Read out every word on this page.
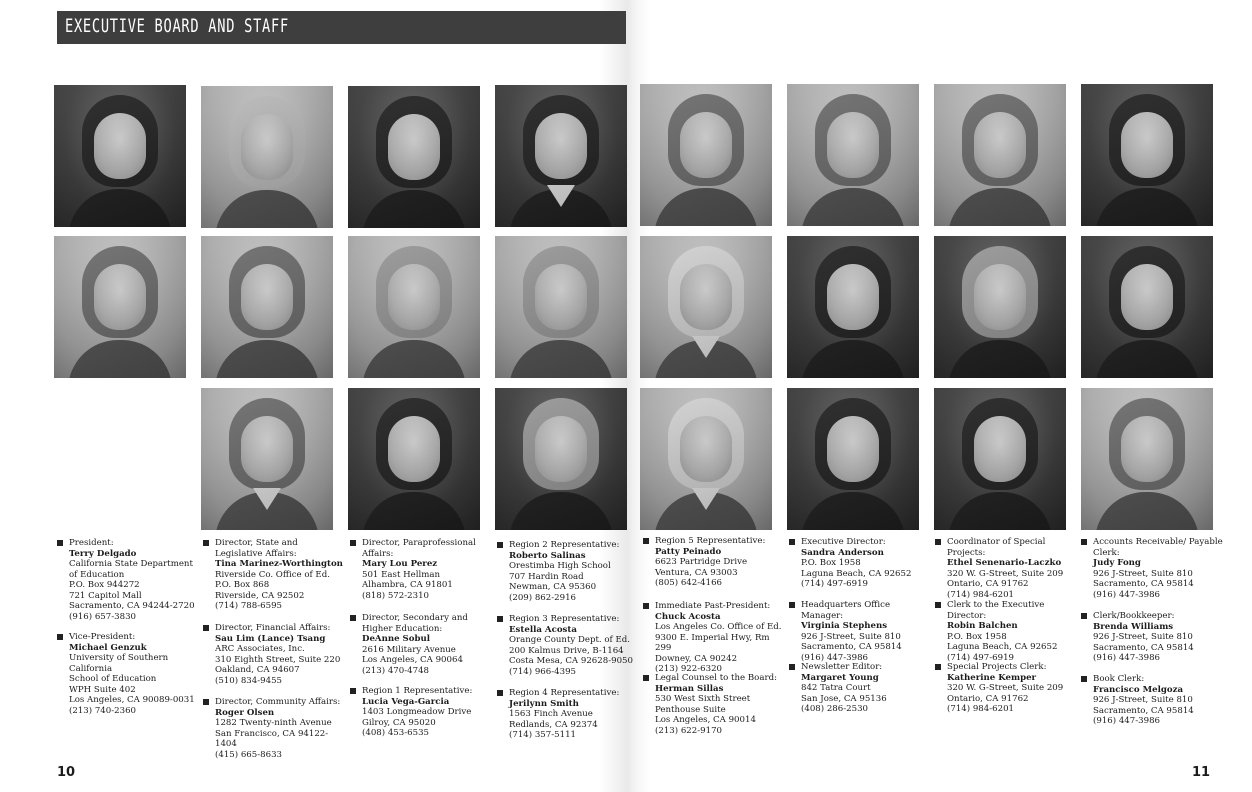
EXECUTIVE BOARD AND STAFF
President:
Terry Delgado
California State Department
of Education
P.O. Box 944272
721 Capitol Mall
Sacramento, CA 94244-2720
(916) 657-3830
Vice-President:
Michael Genzuk
University of Southern
California
School of Education
WPH Suite 402
Los Angeles, CA 90089-0031
(213) 740-2360
Director, State and Legislative Affairs:
Tina Marinez-Worthington
Riverside Co. Office of Ed.
P.O. Box 868
Riverside, CA 92502
(714) 788-6595
Director, Financial Affairs:
Sau Lim (Lance) Tsang
ARC Associates, Inc.
310 Eighth Street, Suite 220
Oakland, CA 94607
(510) 834-9455
Director, Community Affairs:
Roger Olsen
1282 Twenty-ninth Avenue
San Francisco, CA 94122-1404
(415) 665-8633
Director, Paraprofessional Affairs:
Mary Lou Perez
501 East Hellman
Alhambra, CA 91801
(818) 572-2310
Director, Secondary and Higher Education:
DeAnne Sobul
2616 Military Avenue
Los Angeles, CA 90064
(213) 470-4748
Region 1 Representative:
Lucia Vega-Garcia
1403 Longmeadow Drive
Gilroy, CA 95020
(408) 453-6535
Region 2 Representative:
Roberto Salinas
Orestimba High School
707 Hardin Road
Newman, CA 95360
(209) 862-2916
Region 3 Representative:
Estella Acosta
Orange County Dept. of Ed.
200 Kalmus Drive, B-1164
Costa Mesa, CA 92628-9050
(714) 966-4395
Region 4 Representative:
Jerilynn Smith
1563 Finch Avenue
Redlands, CA 92374
(714) 357-5111
Region 5 Representative:
Patty Peinado
6623 Partridge Drive
Ventura, CA 93003
(805) 642-4166
Immediate Past-President:
Chuck Acosta
Los Angeles Co. Office of Ed.
9300 E. Imperial Hwy, Rm 299
Downey, CA 90242
(213) 922-6320
Legal Counsel to the Board:
Herman Sillas
530 West Sixth Street
Penthouse Suite
Los Angeles, CA 90014
(213) 622-9170
Executive Director:
Sandra Anderson
P.O. Box 1958
Laguna Beach, CA 92652
(714) 497-6919
Headquarters Office Manager:
Virginia Stephens
926 J-Street, Suite 810
Sacramento, CA 95814
(916) 447-3986
Newsletter Editor:
Margaret Young
842 Tatra Court
San Jose, CA 95136
(408) 286-2530
Coordinator of Special Projects:
Ethel Senenario-Laczko
320 W. G-Street, Suite 209
Ontario, CA 91762
(714) 984-6201
Clerk to the Executive Director:
Robin Balchen
P.O. Box 1958
Laguna Beach, CA 92652
(714) 497-6919
Special Projects Clerk:
Katherine Kemper
320 W. G-Street, Suite 209
Ontario, CA 91762
(714) 984-6201
Accounts Receivable/ Payable Clerk:
Judy Fong
926 J-Street, Suite 810
Sacramento, CA 95814
(916) 447-3986
Clerk/Bookkeeper:
Brenda Williams
926 J-Street, Suite 810
Sacramento, CA 95814
(916) 447-3986
Book Clerk:
Francisco Melgoza
926 J-Street, Suite 810
Sacramento, CA 95814
(916) 447-3986
10	11
